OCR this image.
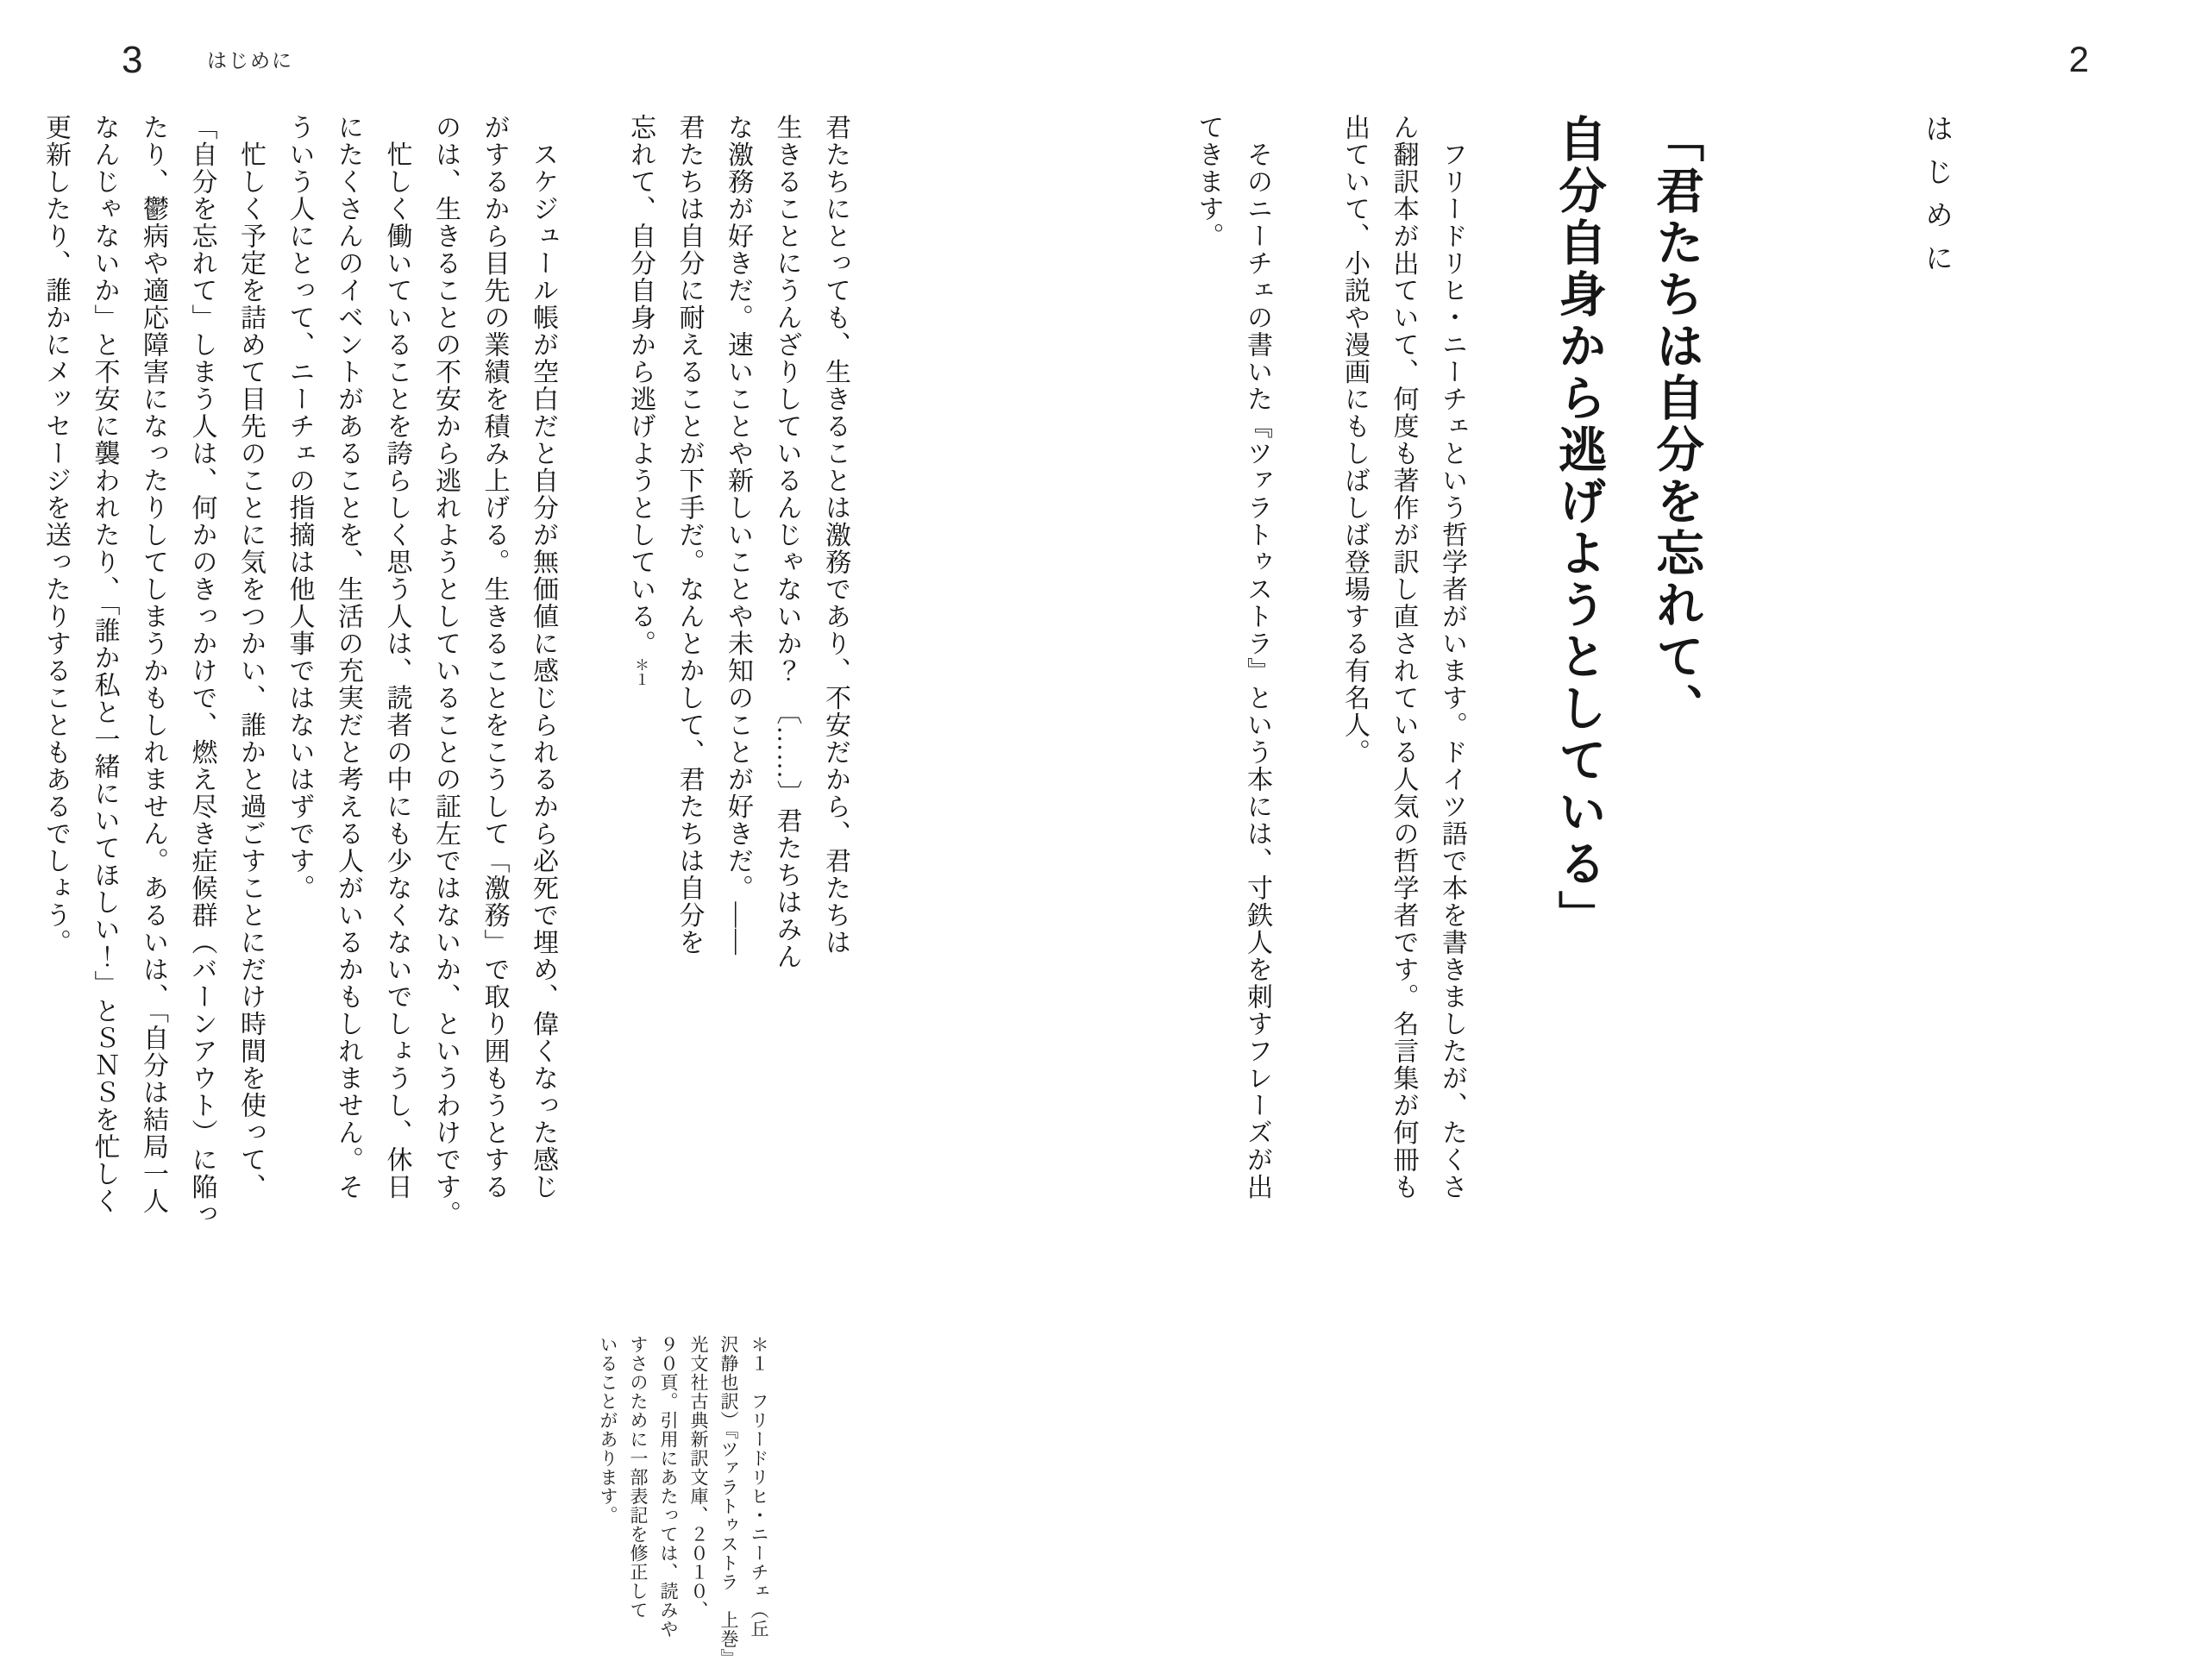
2
はじめに

「君たちは自分を忘れて、

自分自身から逃げようとしている」

　フリードリヒ・ニーチェという哲学者がいます。ドイツ語で本を書きましたが、たくさ

ん翻訳本が出ていて、何度も著作が訳し直されている人気の哲学者です。名言集が何冊も

出ていて、小説や漫画にもしばしば登場する有名人。

　そのニーチェの書いた『ツァラトゥストラ』という本には、寸鉄人を刺すフレーズが出

てきます。

3	はじめに

君たちにとっても、生きることは激務であり、不安だから、君たちは

生きることにうんざりしているんじゃないか？　〔……〕君たちはみん

な激務が好きだ。速いことや新しいことや未知のことが好きだ。――

君たちは自分に耐えることが下手だ。なんとかして、君たちは自分を

忘れて、自分自身から逃げようとしている。＊１

　スケジュール帳が空白だと自分が無価値に感じられるから必死で埋め、偉くなった感じ

がするから目先の業績を積み上げる。生きることをこうして「激務」で取り囲もうとする

のは、生きることの不安から逃れようとしていることの証左ではないか、というわけです。

　忙しく働いていることを誇らしく思う人は、読者の中にも少なくないでしょうし、休日

にたくさんのイベントがあることを、生活の充実だと考える人がいるかもしれません。そ

ういう人にとって、ニーチェの指摘は他人事ではないはずです。

　忙しく予定を詰めて目先のことに気をつかい、誰かと過ごすことにだけ時間を使って、

「自分を忘れて」しまう人は、何かのきっかけで、燃え尽き症候群（バーンアウト）に陥っ

たり、鬱病や適応障害になったりしてしまうかもしれません。あるいは、「自分は結局一人

なんじゃないか」と不安に襲われたり、「誰か私と一緒にいてほしい！」とＳＮＳを忙しく

更新したり、誰かにメッセージを送ったりすることもあるでしょう。

＊１　フリードリヒ・ニーチェ（丘

沢静也訳）『ツァラトゥストラ　上巻』

光文社古典新訳文庫、２０１０、

９０頁。引用にあたっては、読みや

すさのために一部表記を修正して

いることがあります。
